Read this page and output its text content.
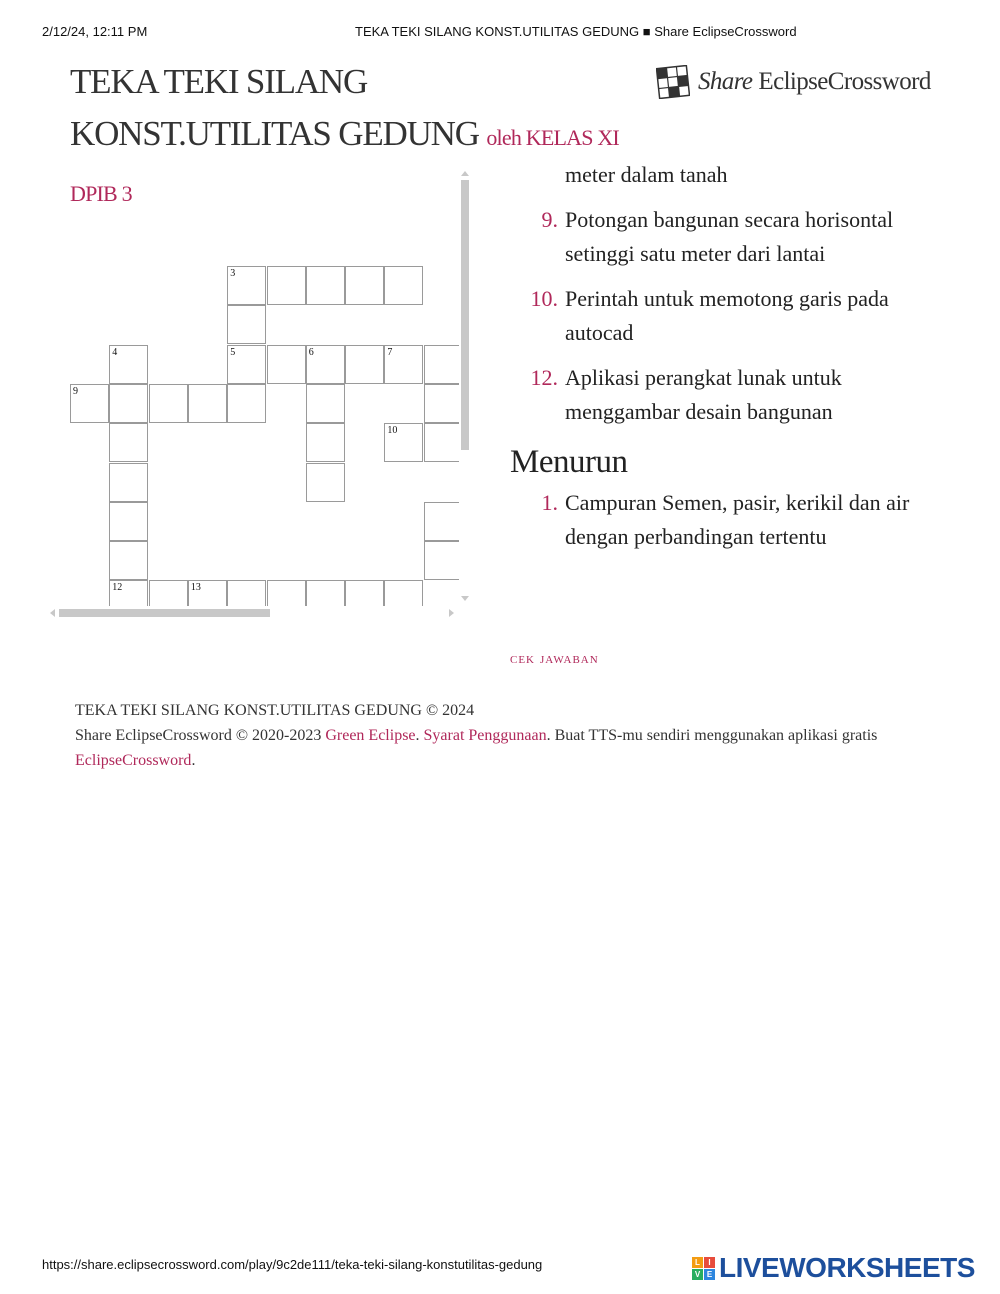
2/12/24, 12:11 PM	TEKA TEKI SILANG KONST.UTILITAS GEDUNG ■ Share EclipseCrossword
TEKA TEKI SILANG KONST.UTILITAS GEDUNG oleh KELAS XI DPIB 3
Share EclipseCrossword
3
4	5	6	7
9
10
12	13
meter dalam tanah
9. Potongan bangunan secara horisontal setinggi satu meter dari lantai
10. Perintah untuk memotong garis pada autocad
12. Aplikasi perangkat lunak untuk menggambar desain bangunan
Menurun
1. Campuran Semen, pasir, kerikil dan air dengan perbandingan tertentu
cek jawaban
TEKA TEKI SILANG KONST.UTILITAS GEDUNG © 2024
Share EclipseCrossword © 2020-2023 Green Eclipse. Syarat Penggunaan. Buat TTS-mu sendiri menggunakan aplikasi gratis EclipseCrossword.
https://share.eclipsecrossword.com/play/9c2de111/teka-teki-silang-konstutilitas-gedung	L	I
V E LIVEWORKSHEETS
